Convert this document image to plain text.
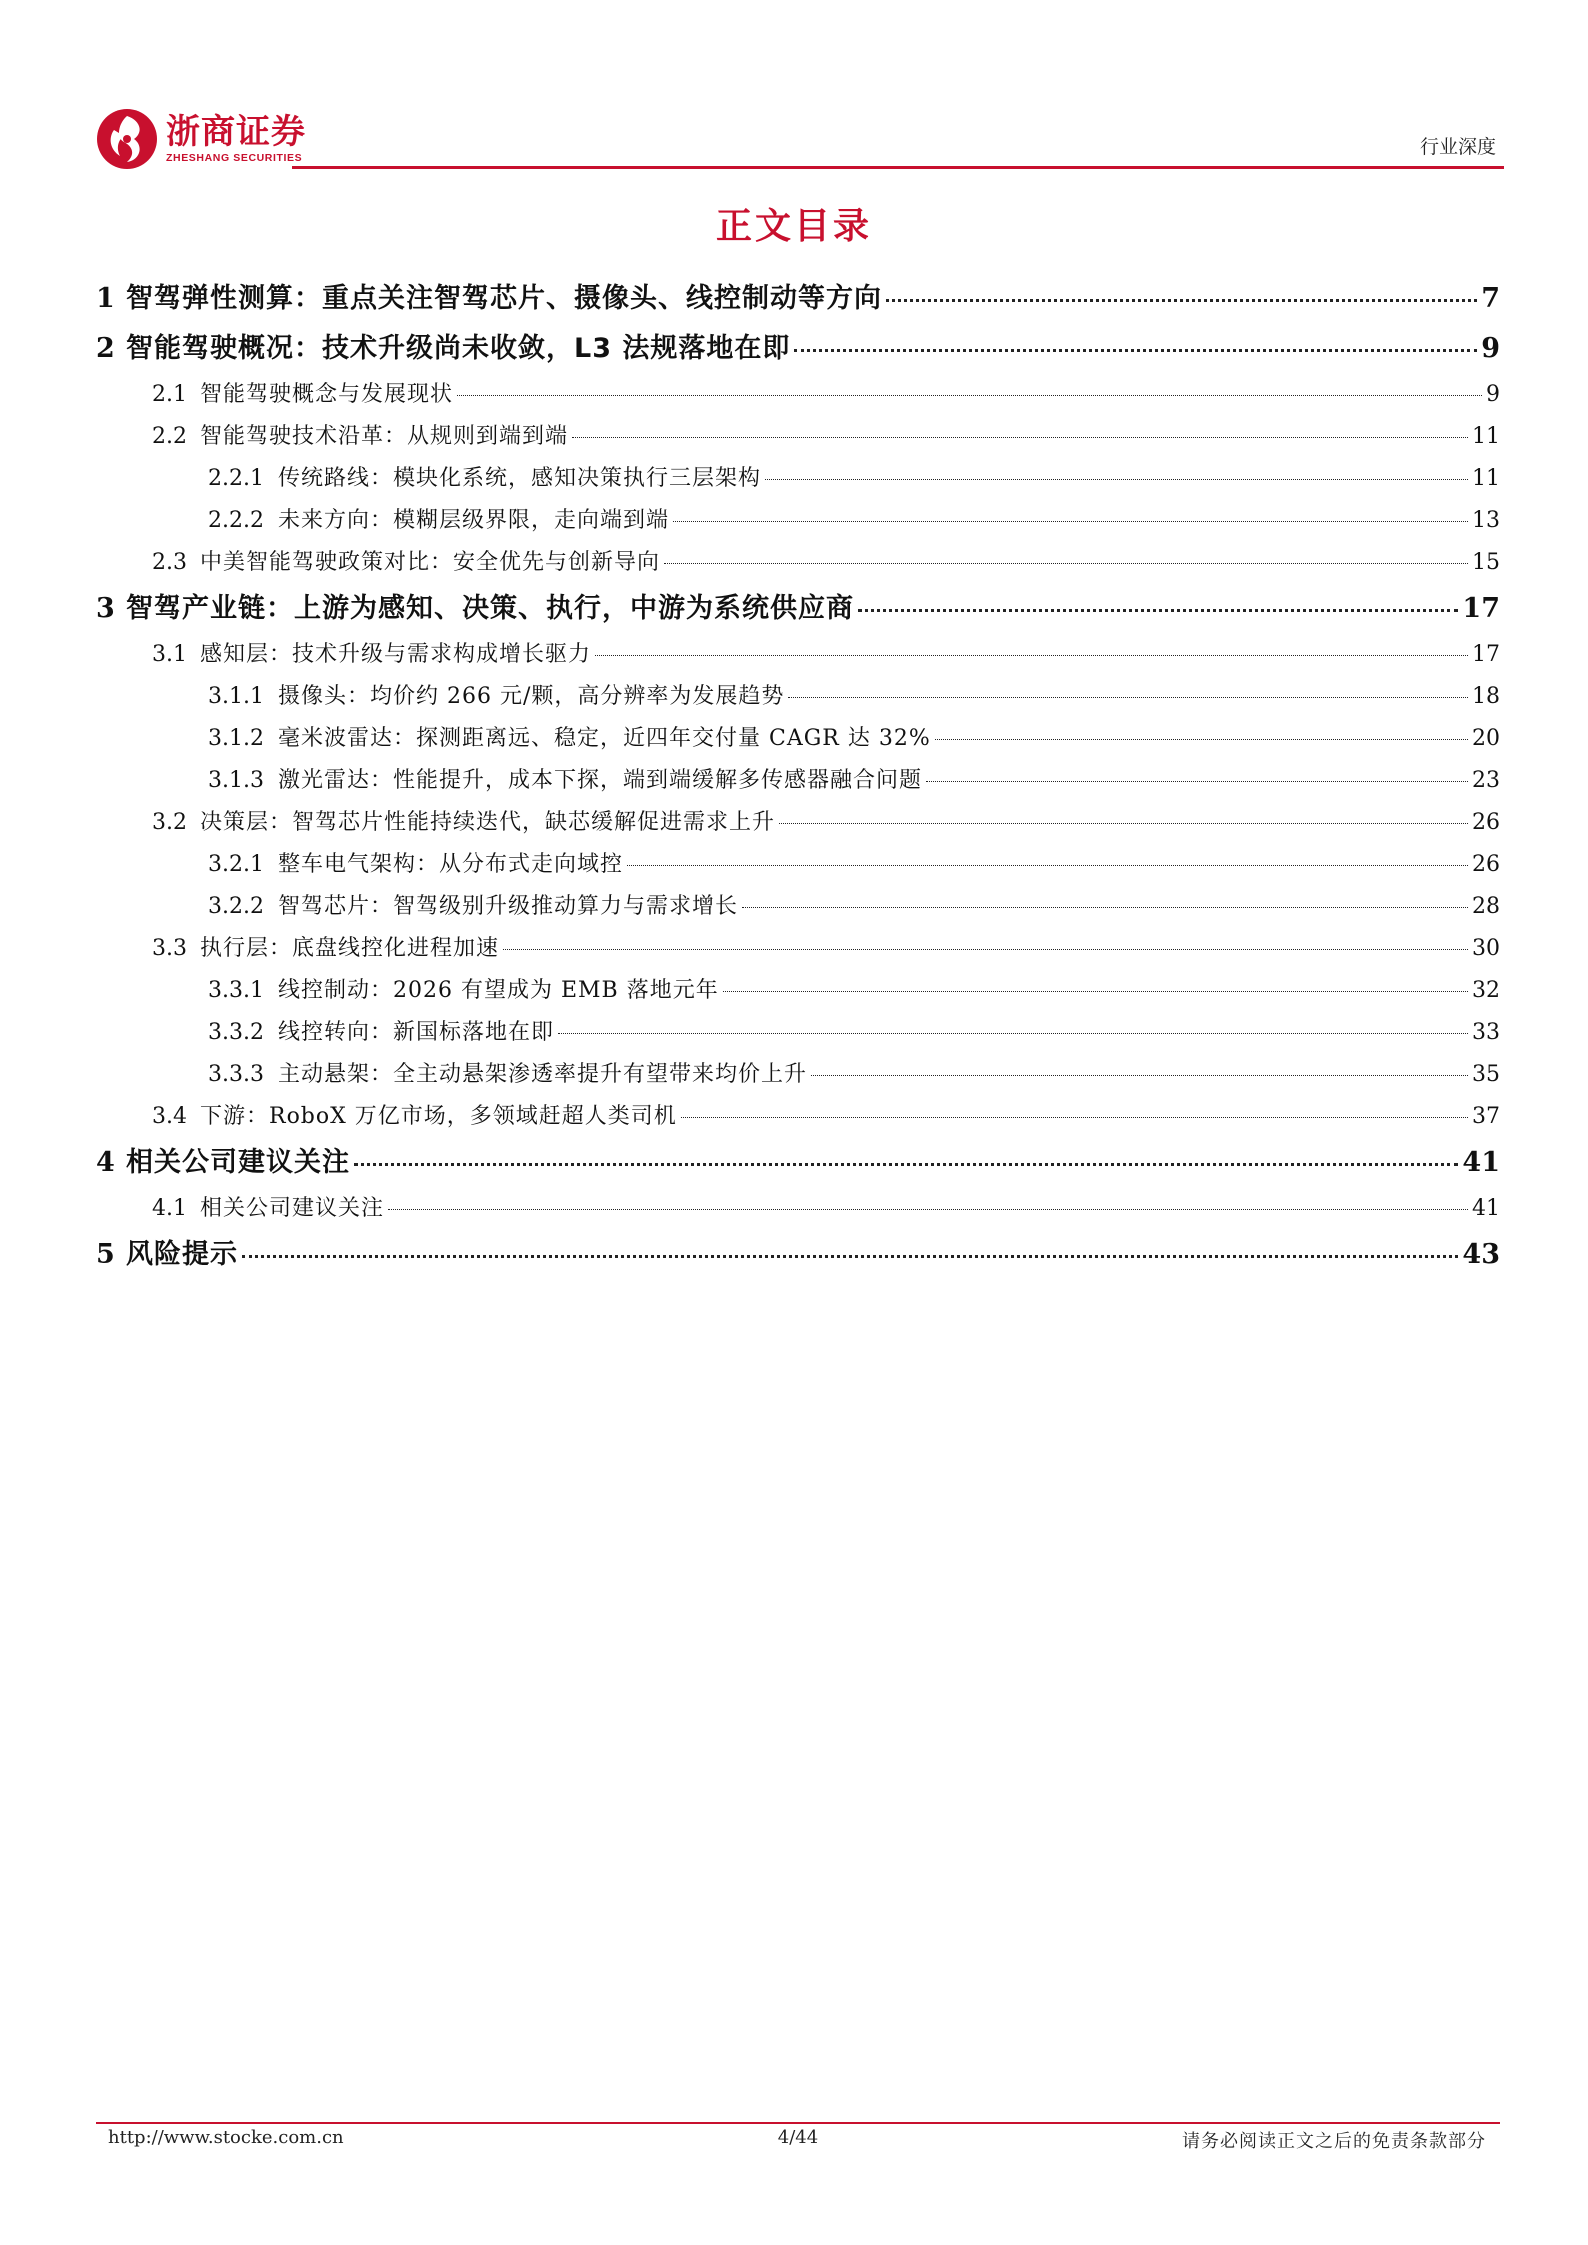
浙商证券
ZHESHANG SECURITIES	行业深度
正文目录
1 智驾弹性测算：重点关注智驾芯片、摄像头、线控制动等方向	7
2 智能驾驶概况：技术升级尚未收敛，L3 法规落地在即	9
2.1 智能驾驶概念与发展现状	9
2.2 智能驾驶技术沿革：从规则到端到端	11
2.2.1 传统路线：模块化系统，感知决策执行三层架构	11
2.2.2 未来方向：模糊层级界限，走向端到端	13
2.3 中美智能驾驶政策对比：安全优先与创新导向	15
3 智驾产业链：上游为感知、决策、执行，中游为系统供应商	17
3.1 感知层：技术升级与需求构成增长驱力	17
3.1.1 摄像头：均价约 266 元/颗，高分辨率为发展趋势	18
3.1.2 毫米波雷达：探测距离远、稳定，近四年交付量 CAGR 达 32%	20
3.1.3 激光雷达：性能提升，成本下探，端到端缓解多传感器融合问题	23
3.2 决策层：智驾芯片性能持续迭代，缺芯缓解促进需求上升	26
3.2.1 整车电气架构：从分布式走向域控	26
3.2.2 智驾芯片：智驾级别升级推动算力与需求增长	28
3.3 执行层：底盘线控化进程加速	30
3.3.1 线控制动：2026 有望成为 EMB 落地元年	32
3.3.2 线控转向：新国标落地在即	33
3.3.3 主动悬架：全主动悬架渗透率提升有望带来均价上升	35
3.4 下游：RoboX 万亿市场，多领域赶超人类司机	37
4 相关公司建议关注	41
4.1 相关公司建议关注	41
5 风险提示	43
http://www.stocke.com.cn	4/44	请务必阅读正文之后的免责条款部分
